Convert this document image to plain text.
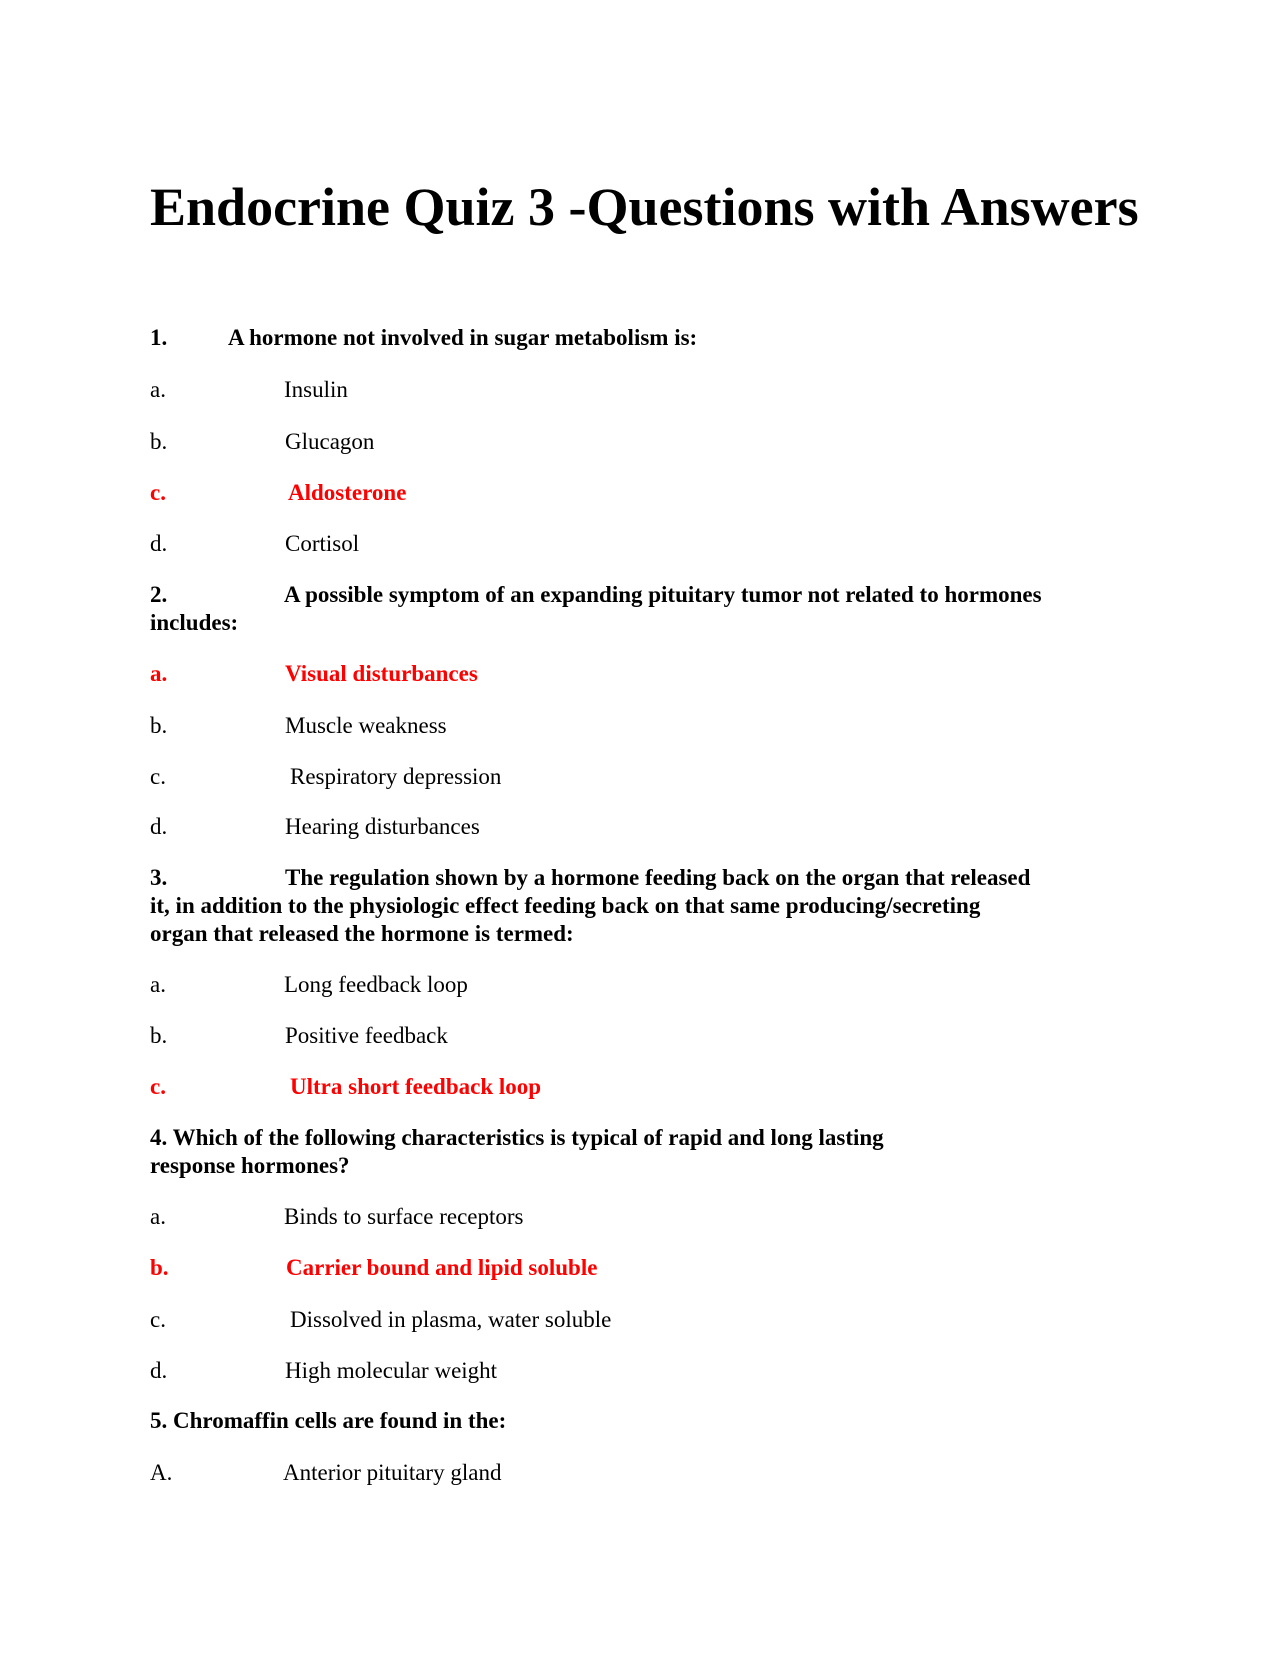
Endocrine Quiz 3 -Questions with Answers
1.	A hormone not involved in sugar metabolism is:
a.	Insulin
b.	Glucagon
c.	Aldosterone
d.	Cortisol
2.	A possible symptom of an expanding pituitary tumor not related to hormones
includes:
a.	Visual disturbances
b.	Muscle weakness
c.	Respiratory depression
d.	Hearing disturbances
3.	The regulation shown by a hormone feeding back on the organ that released
it, in addition to the physiologic effect feeding back on that same producing/secreting
organ that released the hormone is termed:
a.	Long feedback loop
b.	Positive feedback
c.	Ultra short feedback loop
4. Which of the following characteristics is typical of rapid and long lasting
response hormones?
a.	Binds to surface receptors
b.	Carrier bound and lipid soluble
c.	Dissolved in plasma, water soluble
d.	High molecular weight
5. Chromaffin cells are found in the:
A.	Anterior pituitary gland
